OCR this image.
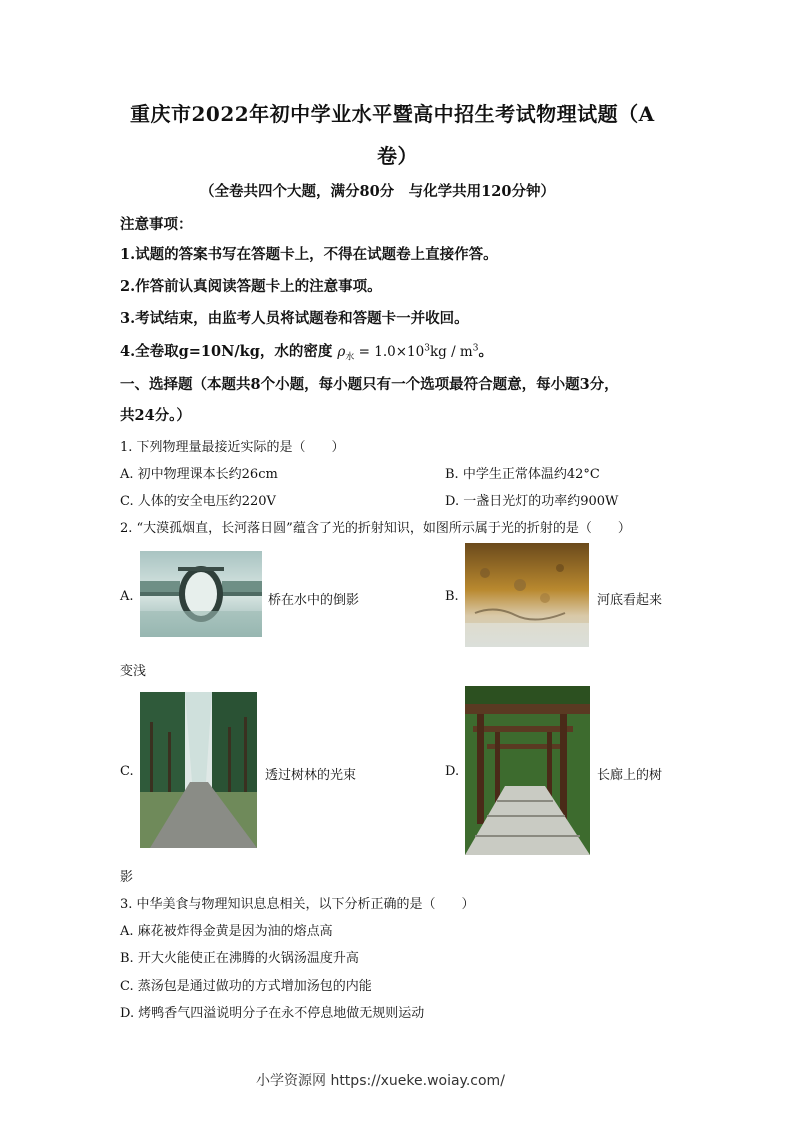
重庆市2022年初中学业水平暨高中招生考试物理试题（A
卷）
（全卷共四个大题，满分80分　与化学共用120分钟）
注意事项：
1.试题的答案书写在答题卡上，不得在试题卷上直接作答。
2.作答前认真阅读答题卡上的注意事项。
3.考试结束，由监考人员将试题卷和答题卡一并收回。
4.全卷取g=10N/kg，水的密度 $\rho_水 = 1.0\times 10^3kg / m^3$。
一、选择题（本题共8个小题，每小题只有一个选项最符合题意，每小题3分，
共24分。）
1. 下列物理量最接近实际的是（　　）
A. 初中物理课本长约26cm	B. 中学生正常体温约42°C
C. 人体的安全电压约220V	D. 一盏日光灯的功率约900W
2. “大漠孤烟直，长河落日圆”蕴含了光的折射知识，如图所示属于光的折射的是（　　）
A.	桥在水中的倒影	B.	河底看起来
变浅
C.	透过树林的光束	D.	长廊上的树
影
3. 中华美食与物理知识息息相关，以下分析正确的是（　　）
A. 麻花被炸得金黄是因为油的熔点高
B. 开大火能使正在沸腾的火锅汤温度升高
C. 蒸汤包是通过做功的方式增加汤包的内能
D. 烤鸭香气四溢说明分子在永不停息地做无规则运动
小学资源网 https://xueke.woiay.com/
